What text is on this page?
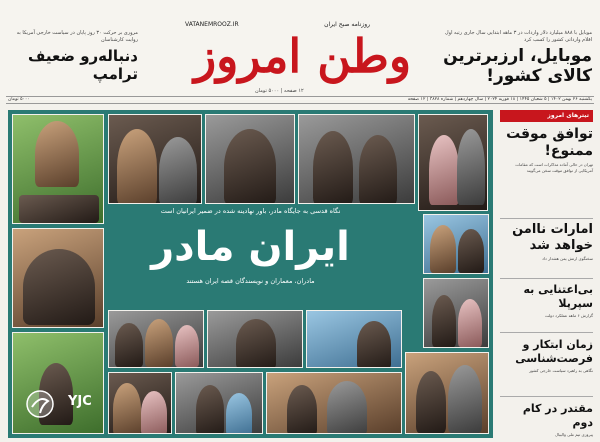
موبایل با ۸۸۸ میلیارد دلار واردات در ۳ ماهه ابتدایی سال جاری رتبه اول اقلام وارداتی کشور را کسب کرد
موبایل، ارزبرترین کالای کشور!
روزنامه صبح ایران
VATANEMROOZ.IR
وطن امروز
۱۲ صفحه | ۵۰۰۰ تومان
مروری بر حرکت ۳۰ روز پایان در سیاست خارجی آمریکا به روایت کارشناسان
دنباله‌رو ضعیف ترامپ
یکشنبه ۲۶ بهمن ۱۴۰۲ | ۵ شعبان ۱۴۴۵ | ۱۸ فوریه ۲۰۲۴ | سال چهاردهم | شماره ۳۸۲۸ | ۱۲ صفحه
۵۰۰۰ تومان
نگاه قدسی به جایگاه مادر، باور نهادینه شده در ضمیر ایرانیان است
ایران مادر
مادران، معماران و نویسندگان قصه ایران هستند
YJC
تیترهای امروز
توافق موقت ممنوع!
تهران در حالی آماده مذاکرات است که مقامات آمریکایی از توافق موقت سخن می‌گویند
امارات ناامن خواهد شد
سخنگوی ارتش یمن هشدار داد
بی‌اعتنایی به سپرپلا
گزارش ۶ ماهه عملکرد دولت
زمان ابتکار و فرصت‌شناسی
نگاهی به راهبرد سیاست خارجی کشور
مقتدر در کام دوم
پیروزی تیم ملی والیبال
